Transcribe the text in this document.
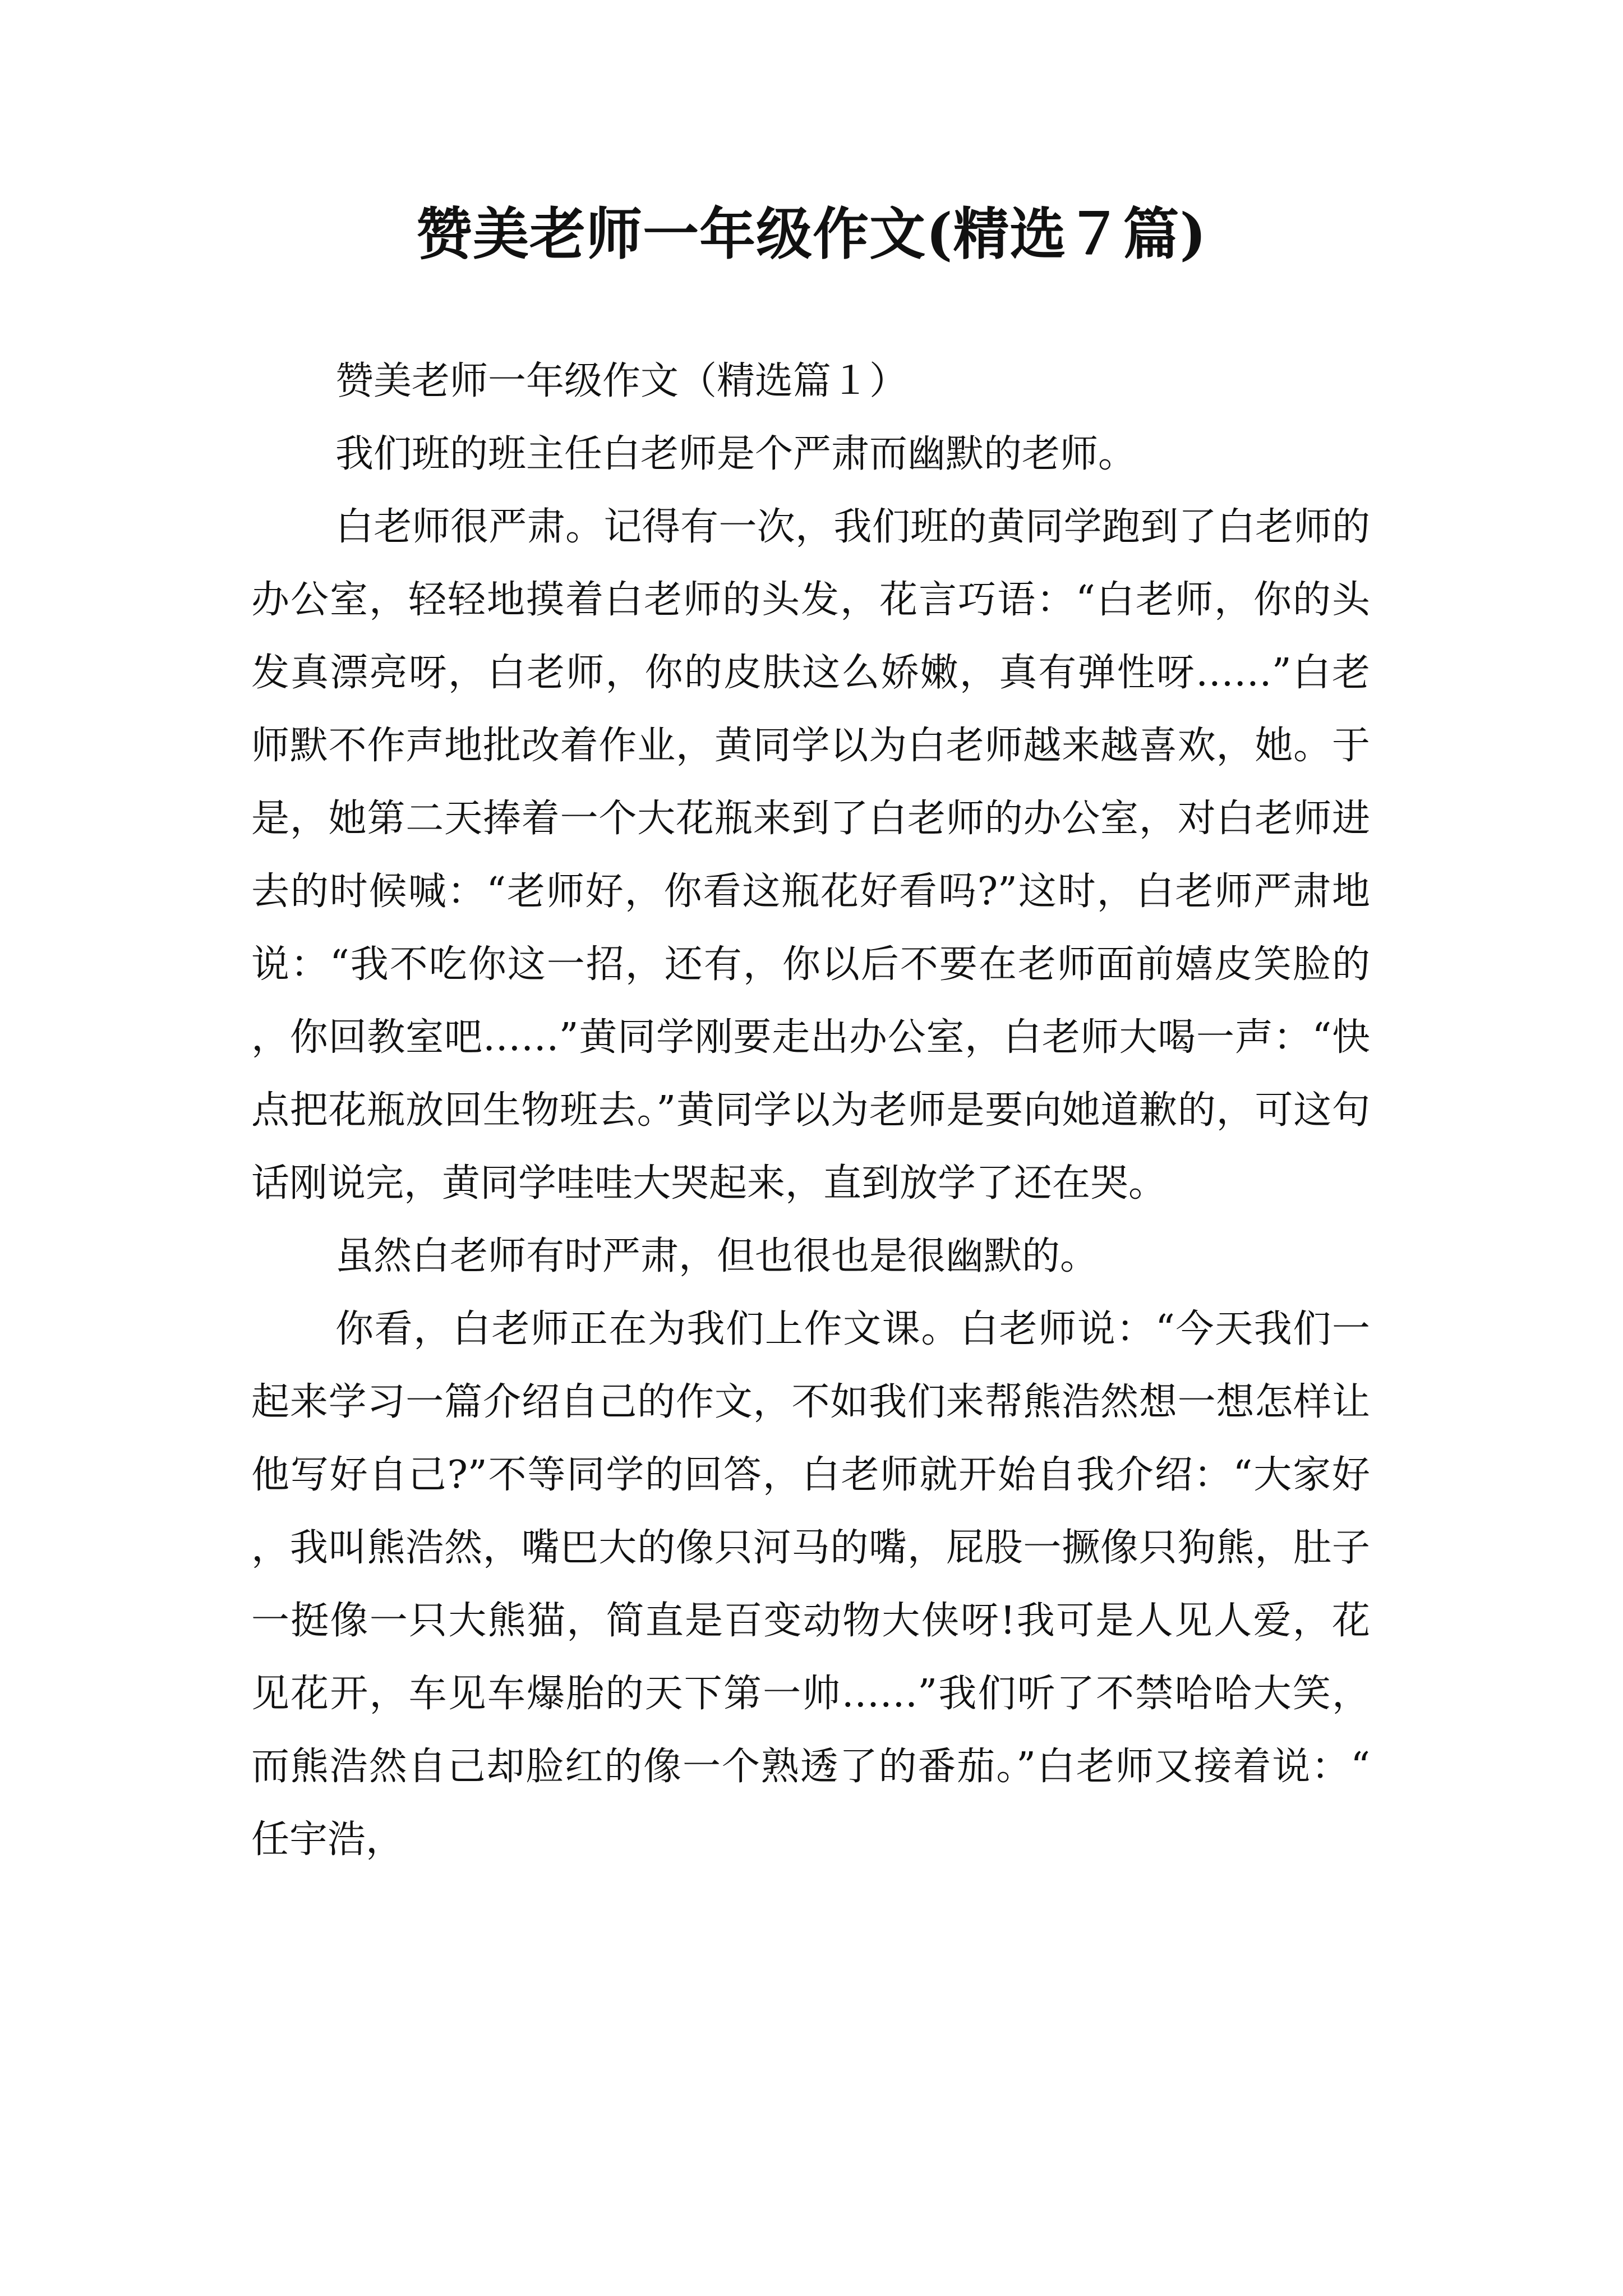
赞美老师一年级作文(精选７篇)

赞美老师一年级作文（精选篇１）

我们班的班主任白老师是个严肃而幽默的老师。

白老师很严肃。记得有一次，我们班的黄同学跑到了白老师的办公室，轻轻地摸着白老师的头发，花言巧语：“白老师，你的头发真漂亮呀，白老师，你的皮肤这么娇嫩，真有弹性呀……”白老师默不作声地批改着作业，黄同学以为白老师越来越喜欢，她。于是，她第二天捧着一个大花瓶来到了白老师的办公室，对白老师进去的时候喊：“老师好，你看这瓶花好看吗?”这时，白老师严肃地说：“我不吃你这一招，还有，你以后不要在老师面前嬉皮笑脸的，你回教室吧……”黄同学刚要走出办公室，白老师大喝一声：“快点把花瓶放回生物班去。”黄同学以为老师是要向她道歉的，可这句话刚说完，黄同学哇哇大哭起来，直到放学了还在哭。

虽然白老师有时严肃，但也很也是很幽默的。

你看，白老师正在为我们上作文课。白老师说：“今天我们一起来学习一篇介绍自己的作文，不如我们来帮熊浩然想一想怎样让他写好自己?”不等同学的回答，白老师就开始自我介绍：“大家好，我叫熊浩然，嘴巴大的像只河马的嘴，屁股一撅像只狗熊，肚子一挺像一只大熊猫，简直是百变动物大侠呀!我可是人见人爱，花见花开，车见车爆胎的天下第一帅……”我们听了不禁哈哈大笑，而熊浩然自己却脸红的像一个熟透了的番茄。”白老师又接着说：“任宇浩，
